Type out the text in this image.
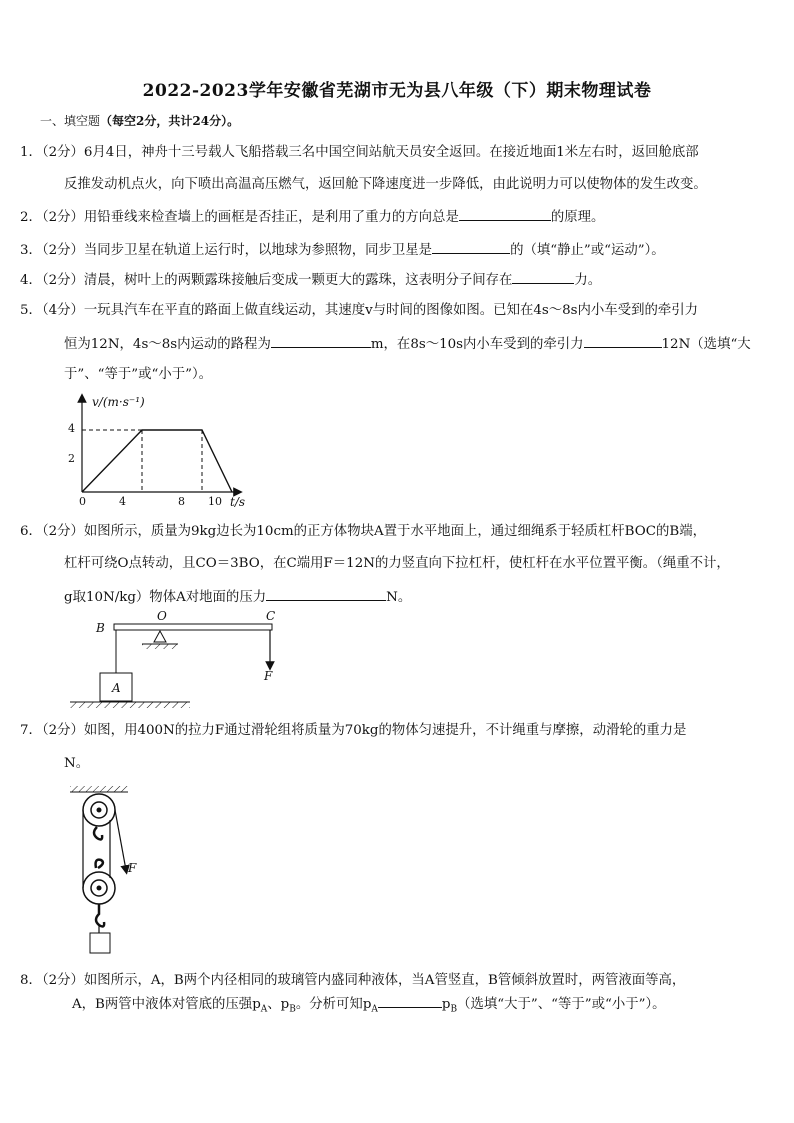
2022-2023学年安徽省芜湖市无为县八年级（下）期末物理试卷
一、填空题（每空2分，共计24分）。
1．（2分）6月4日，神舟十三号载人飞船搭载三名中国空间站航天员安全返回。在接近地面1米左右时，返回舱底部
反推发动机点火，向下喷出高温高压燃气，返回舱下降速度进一步降低，由此说明力可以使物体的发生改变。
2．（2分）用铅垂线来检查墙上的画框是否挂正，是利用了重力的方向总是	的原理。
3．（2分）当同步卫星在轨道上运行时，以地球为参照物，同步卫星是	的（填“静止”或“运动”）。
4．（2分）清晨，树叶上的两颗露珠接触后变成一颗更大的露珠，这表明分子间存在	力。
5．（4分）一玩具汽车在平直的路面上做直线运动，其速度v与时间的图像如图。已知在4s～8s内小车受到的牵引力
恒为12N，4s～8s内运动的路程为	m，在8s～10s内小车受到的牵引力	12N（选填“大
于”、“等于”或“小于”）。
v/(m·s⁻¹)
t/s
4
2
0	4	8 10
6．（2分）如图所示，质量为9kg边长为10cm的正方体物块A置于水平地面上，通过细绳系于轻质杠杆BOC的B端，
杠杆可绕O点转动，且CO＝3BO，在C端用F＝12N的力竖直向下拉杠杆，使杠杆在水平位置平衡。（绳重不计，
g取10N/kg）物体A对地面的压力	N。
B
O	C
F
A
7．（2分）如图，用400N的拉力F通过滑轮组将质量为70kg的物体匀速提升，不计绳重与摩擦，动滑轮的重力是
N。
F
8．（2分）如图所示，A，B两个内径相同的玻璃管内盛同种液体，当A管竖直，B管倾斜放置时，两管液面等高，
A，B两管中液体对管底的压强$p_A$、$p_B$。分析可知$p_A$	$p_B$（选填“大于”、“等于”或“小于”）。
